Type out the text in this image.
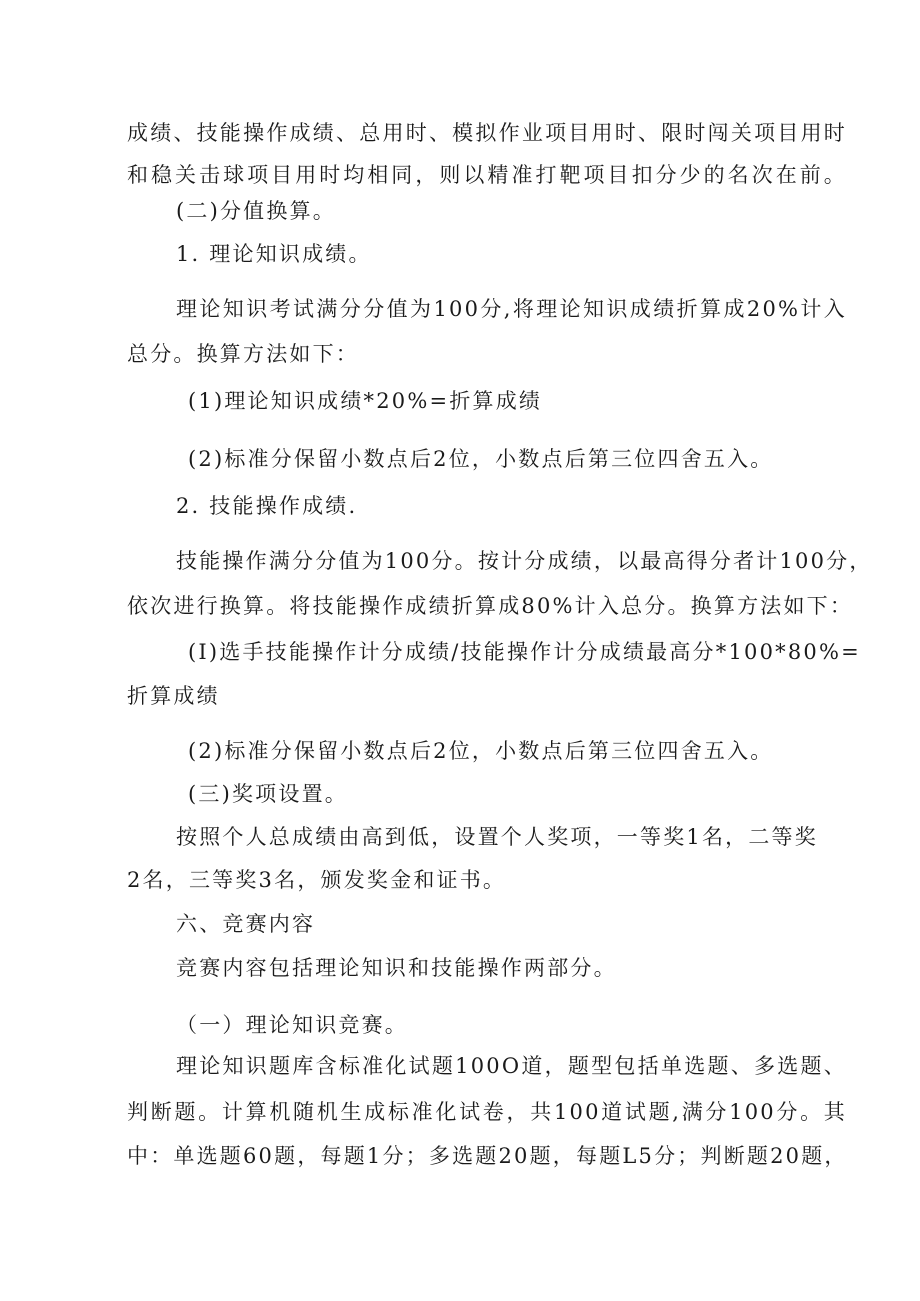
成绩、技能操作成绩、总用时、模拟作业项目用时、限时闯关项目用时
和稳关击球项目用时均相同，则以精准打靶项目扣分少的名次在前。
(二)分值换算。
1. 理论知识成绩。
理论知识考试满分分值为100分,将理论知识成绩折算成20%计入
总分。换算方法如下：
(1)理论知识成绩*20%=折算成绩
(2)标准分保留小数点后2位，小数点后第三位四舍五入。
2. 技能操作成绩.
技能操作满分分值为100分。按计分成绩，以最高得分者计100分，
依次进行换算。将技能操作成绩折算成80%计入总分。换算方法如下：
(I)选手技能操作计分成绩/技能操作计分成绩最高分*100*80%=
折算成绩
(2)标准分保留小数点后2位，小数点后第三位四舍五入。
(三)奖项设置。
按照个人总成绩由高到低，设置个人奖项，一等奖1名，二等奖
2名，三等奖3名，颁发奖金和证书。
六、竞赛内容
竞赛内容包括理论知识和技能操作两部分。
（一）理论知识竞赛。
理论知识题库含标准化试题100O道，题型包括单选题、多选题、
判断题。计算机随机生成标准化试卷，共100道试题,满分100分。其
中：单选题60题，每题1分；多选题20题，每题L5分；判断题20题，
